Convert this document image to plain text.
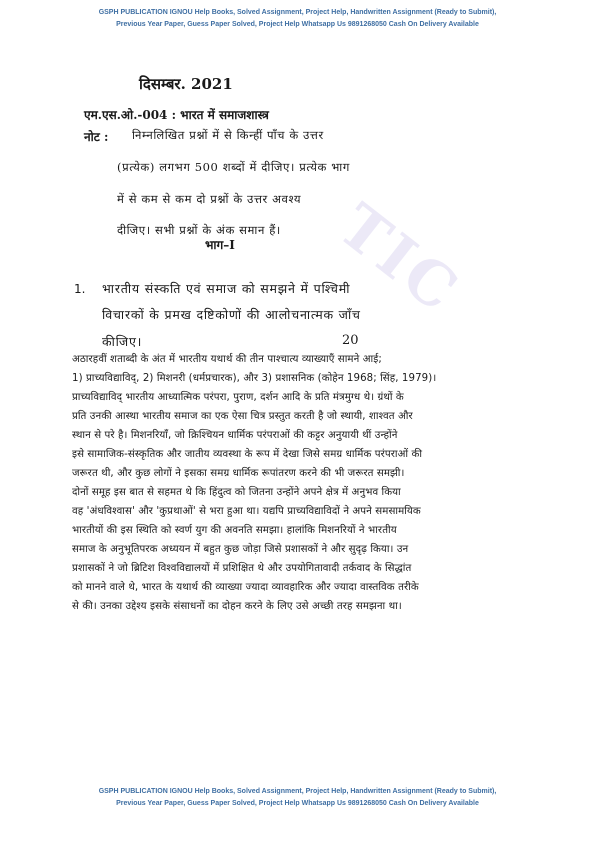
GSPH PUBLICATION IGNOU Help Books, Solved Assignment, Project Help, Handwritten Assignment (Ready to Submit),
Previous Year Paper, Guess Paper Solved, Project Help Whatsapp Us 9891268050 Cash On Delivery Available
TIC
दिसम्बर. 2021
एम.एस.ओ.-004 : भारत में समाजशास्त्र
नोट : निम्नलिखित प्रश्नों में से किन्हीं पाँच के उत्तर
(प्रत्येक) लगभग 500 शब्दों में दीजिए। प्रत्येक भाग
में से कम से कम दो प्रश्नों के उत्तर अवश्य
दीजिए। सभी प्रश्नों के अंक समान हैं।
भाग–I
1. भारतीय संस्कति एवं समाज को समझने में पश्चिमी
विचारकों के प्रमख दष्टिकोणों की आलोचनात्मक जाँच
कीजिए।	20
अठारहवीं शताब्दी के अंत में भारतीय यथार्थ की तीन पाश्चात्य व्याख्याएँ सामने आई;
1) प्राच्यविद्याविद्, 2) मिशनरी (धर्मप्रचारक), और 3) प्रशासनिक (कोहेन 1968; सिंह, 1979)।
प्राच्यविद्याविद् भारतीय आध्यात्मिक परंपरा, पुराण, दर्शन आदि के प्रति मंत्रमुग्ध थे। ग्रंथों के
प्रति उनकी आस्था भारतीय समाज का एक ऐसा चित्र प्रस्तुत करती है जो स्थायी, शाश्वत और
स्थान से परे है। मिशनरियाँ, जो क्रिश्चियन धार्मिक परंपराओं की कट्टर अनुयायी थीं उन्होंने
इसे सामाजिक-संस्कृतिक और जातीय व्यवस्था के रूप में देखा जिसे समग्र धार्मिक परंपराओं की
जरूरत थी, और कुछ लोगों ने इसका समग्र धार्मिक रूपांतरण करने की भी जरूरत समझी।
दोनों समूह इस बात से सहमत थे कि हिंदुत्व को जितना उन्होंने अपने क्षेत्र में अनुभव किया
वह 'अंधविश्वास' और 'कुप्रथाओं' से भरा हुआ था। यद्यपि प्राच्यविद्याविदों ने अपने समसामयिक
भारतीयों की इस स्थिति को स्वर्ण युग की अवनति समझा। हालांकि मिशनरियों ने भारतीय
समाज के अनुभूतिपरक अध्ययन में बहुत कुछ जोड़ा जिसे प्रशासकों ने और सुदृढ़ किया। उन
प्रशासकों ने जो ब्रिटिश विश्वविद्यालयों में प्रशिक्षित थे और उपयोगितावादी तर्कवाद के सिद्धांत
को मानने वाले थे, भारत के यथार्थ की व्याख्या ज्यादा व्यावहारिक और ज्यादा वास्तविक तरीके
से की। उनका उद्देश्य इसके संसाधनों का दोहन करने के लिए उसे अच्छी तरह समझना था।
GSPH PUBLICATION IGNOU Help Books, Solved Assignment, Project Help, Handwritten Assignment (Ready to Submit),
Previous Year Paper, Guess Paper Solved, Project Help Whatsapp Us 9891268050 Cash On Delivery Available
